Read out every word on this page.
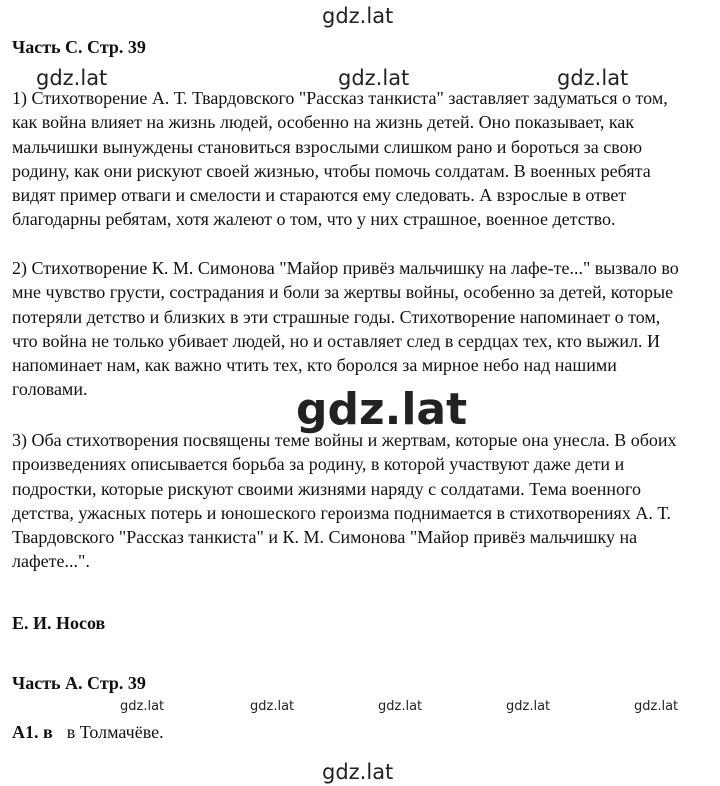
gdz.lat
gdz.lat	gdz.lat	gdz.lat
gdz.lat
gdz.lat	gdz.lat	gdz.lat	gdz.lat	gdz.lat
gdz.lat
Часть С. Стр. 39

1) Стихотворение А. Т. Твардовского "Рассказ танкиста" заставляет задуматься о том,
как война влияет на жизнь людей, особенно на жизнь детей. Оно показывает, как
мальчишки вынуждены становиться взрослыми слишком рано и бороться за свою
родину, как они рискуют своей жизнью, чтобы помочь солдатам. В военных ребята
видят пример отваги и смелости и стараются ему следовать. А взрослые в ответ
благодарны ребятам, хотя жалеют о том, что у них страшное, военное детство.

2) Стихотворение К. М. Симонова "Майор привёз мальчишку на лафе-те..." вызвало во
мне чувство грусти, сострадания и боли за жертвы войны, особенно за детей, которые
потеряли детство и близких в эти страшные годы. Стихотворение напоминает о том,
что война не только убивает людей, но и оставляет след в сердцах тех, кто выжил. И
напоминает нам, как важно чтить тех, кто боролся за мирное небо над нашими
головами.

3) Оба стихотворения посвящены теме войны и жертвам, которые она унесла. В обоих
произведениях описывается борьба за родину, в которой участвуют даже дети и
подростки, которые рискуют своими жизнями наряду с солдатами. Тема военного
детства, ужасных потерь и юношеского героизма поднимается в стихотворениях А. Т.
Твардовского "Рассказ танкиста" и К. М. Симонова "Майор привёз мальчишку на
лафете...".

Е. И. Носов
Часть А. Стр. 39
А1. в в Толмачёве.
